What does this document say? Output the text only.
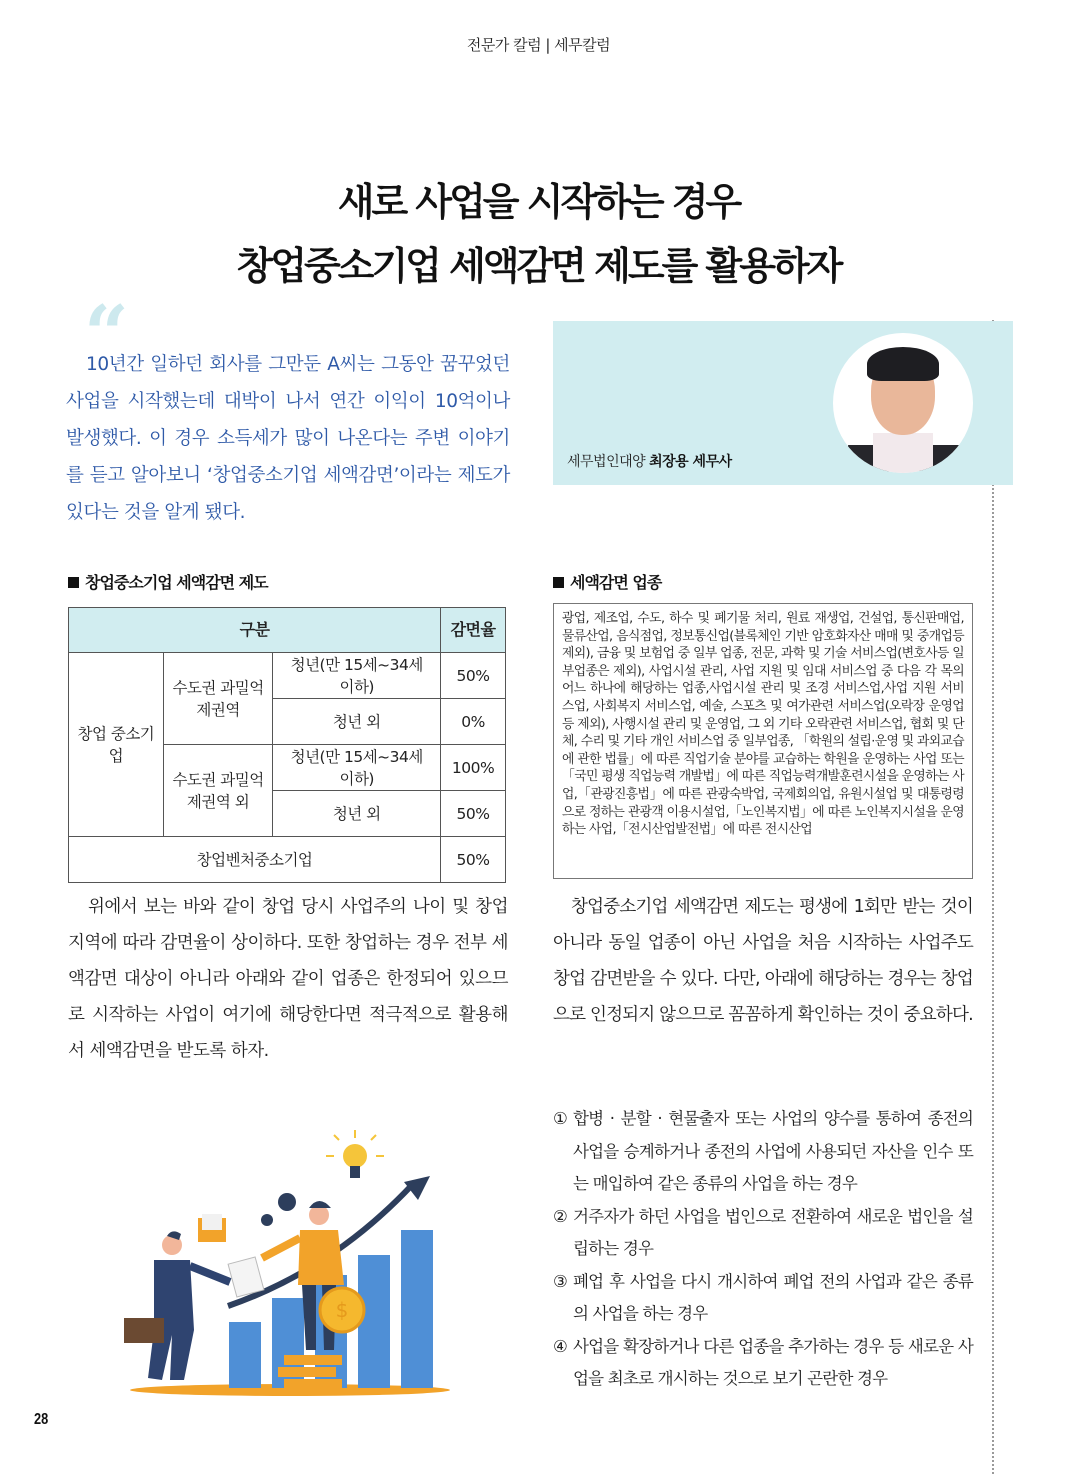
전문가 칼럼 | 세무칼럼
새로 사업을 시작하는 경우
창업중소기업 세액감면 제도를 활용하자
“

10년간 일하던 회사를 그만둔 A씨는 그동안 꿈꾸었던 사업을 시작했는데 대박이 나서 연간 이익이 10억이나 발생했다. 이 경우 소득세가 많이 나온다는 주변 이야기를 듣고 알아보니 ‘창업중소기업 세액감면’이라는 제도가 있다는 것을 알게 됐다.

세무법인대양 최장용 세무사
창업중소기업 세액감면 제도
구분			감면율
창업 중소기업	수도권 과밀억제권역	청년(만 15세~34세 이하)	50%
		청년 외	0%
	수도권 과밀억제권역 외	청년(만 15세~34세 이하)	100%
		청년 외	50%
창업벤처중소기업			50%
세액감면 업종
광업, 제조업, 수도, 하수 및 폐기물 처리, 원료 재생업, 건설업, 통신판매업, 물류산업, 음식점업, 정보통신업(블록체인 기반 암호화자산 매매 및 중개업등제외), 금융 및 보험업 중 일부 업종, 전문, 과학 및 기술 서비스업(변호사등 일부업종은 제외), 사업시설 관리, 사업 지원 및 임대 서비스업 중 다음 각 목의 어느 하나에 해당하는 업종,사업시설 관리 및 조경 서비스업,사업 지원 서비스업, 사회복지 서비스업, 예술, 스포츠 및 여가관련 서비스업(오락장 운영업등 제외), 사행시설 관리 및 운영업, 그 외 기타 오락관련 서비스업, 협회 및 단체, 수리 및 기타 개인 서비스업 중 일부업종, 「학원의 설립·운영 및 과외교습에 관한 법률」에 따른 직업기술 분야를 교습하는 학원을 운영하는 사업 또는 「국민 평생 직업능력 개발법」에 따른 직업능력개발훈련시설을 운영하는 사업,「관광진흥법」에 따른 관광숙박업, 국제회의업, 유원시설업 및 대통령령으로 정하는 관광객 이용시설업,「노인복지법」에 따른 노인복지시설을 운영하는 사업,「전시산업발전법」에 따른 전시산업

위에서 보는 바와 같이 창업 당시 사업주의 나이 및 창업지역에 따라 감면율이 상이하다. 또한 창업하는 경우 전부 세액감면 대상이 아니라 아래와 같이 업종은 한정되어 있으므로 시작하는 사업이 여기에 해당한다면 적극적으로 활용해서 세액감면을 받도록 하자.

창업중소기업 세액감면 제도는 평생에 1회만 받는 것이 아니라 동일 업종이 아닌 사업을 처음 시작하는 사업주도 창업 감면받을 수 있다. 다만, 아래에 해당하는 경우는 창업으로 인정되지 않으므로 꼼꼼하게 확인하는 것이 중요하다.

① 합병 · 분할 · 현물출자 또는 사업의 양수를 통하여 종전의 사업을 승계하거나 종전의 사업에 사용되던 자산을 인수 또는 매입하여 같은 종류의 사업을 하는 경우
② 거주자가 하던 사업을 법인으로 전환하여 새로운 법인을 설립하는 경우
③ 폐업 후 사업을 다시 개시하여 폐업 전의 사업과 같은 종류의 사업을 하는 경우
④ 사업을 확장하거나 다른 업종을 추가하는 경우 등 새로운 사업을 최초로 개시하는 것으로 보기 곤란한 경우
$
28
